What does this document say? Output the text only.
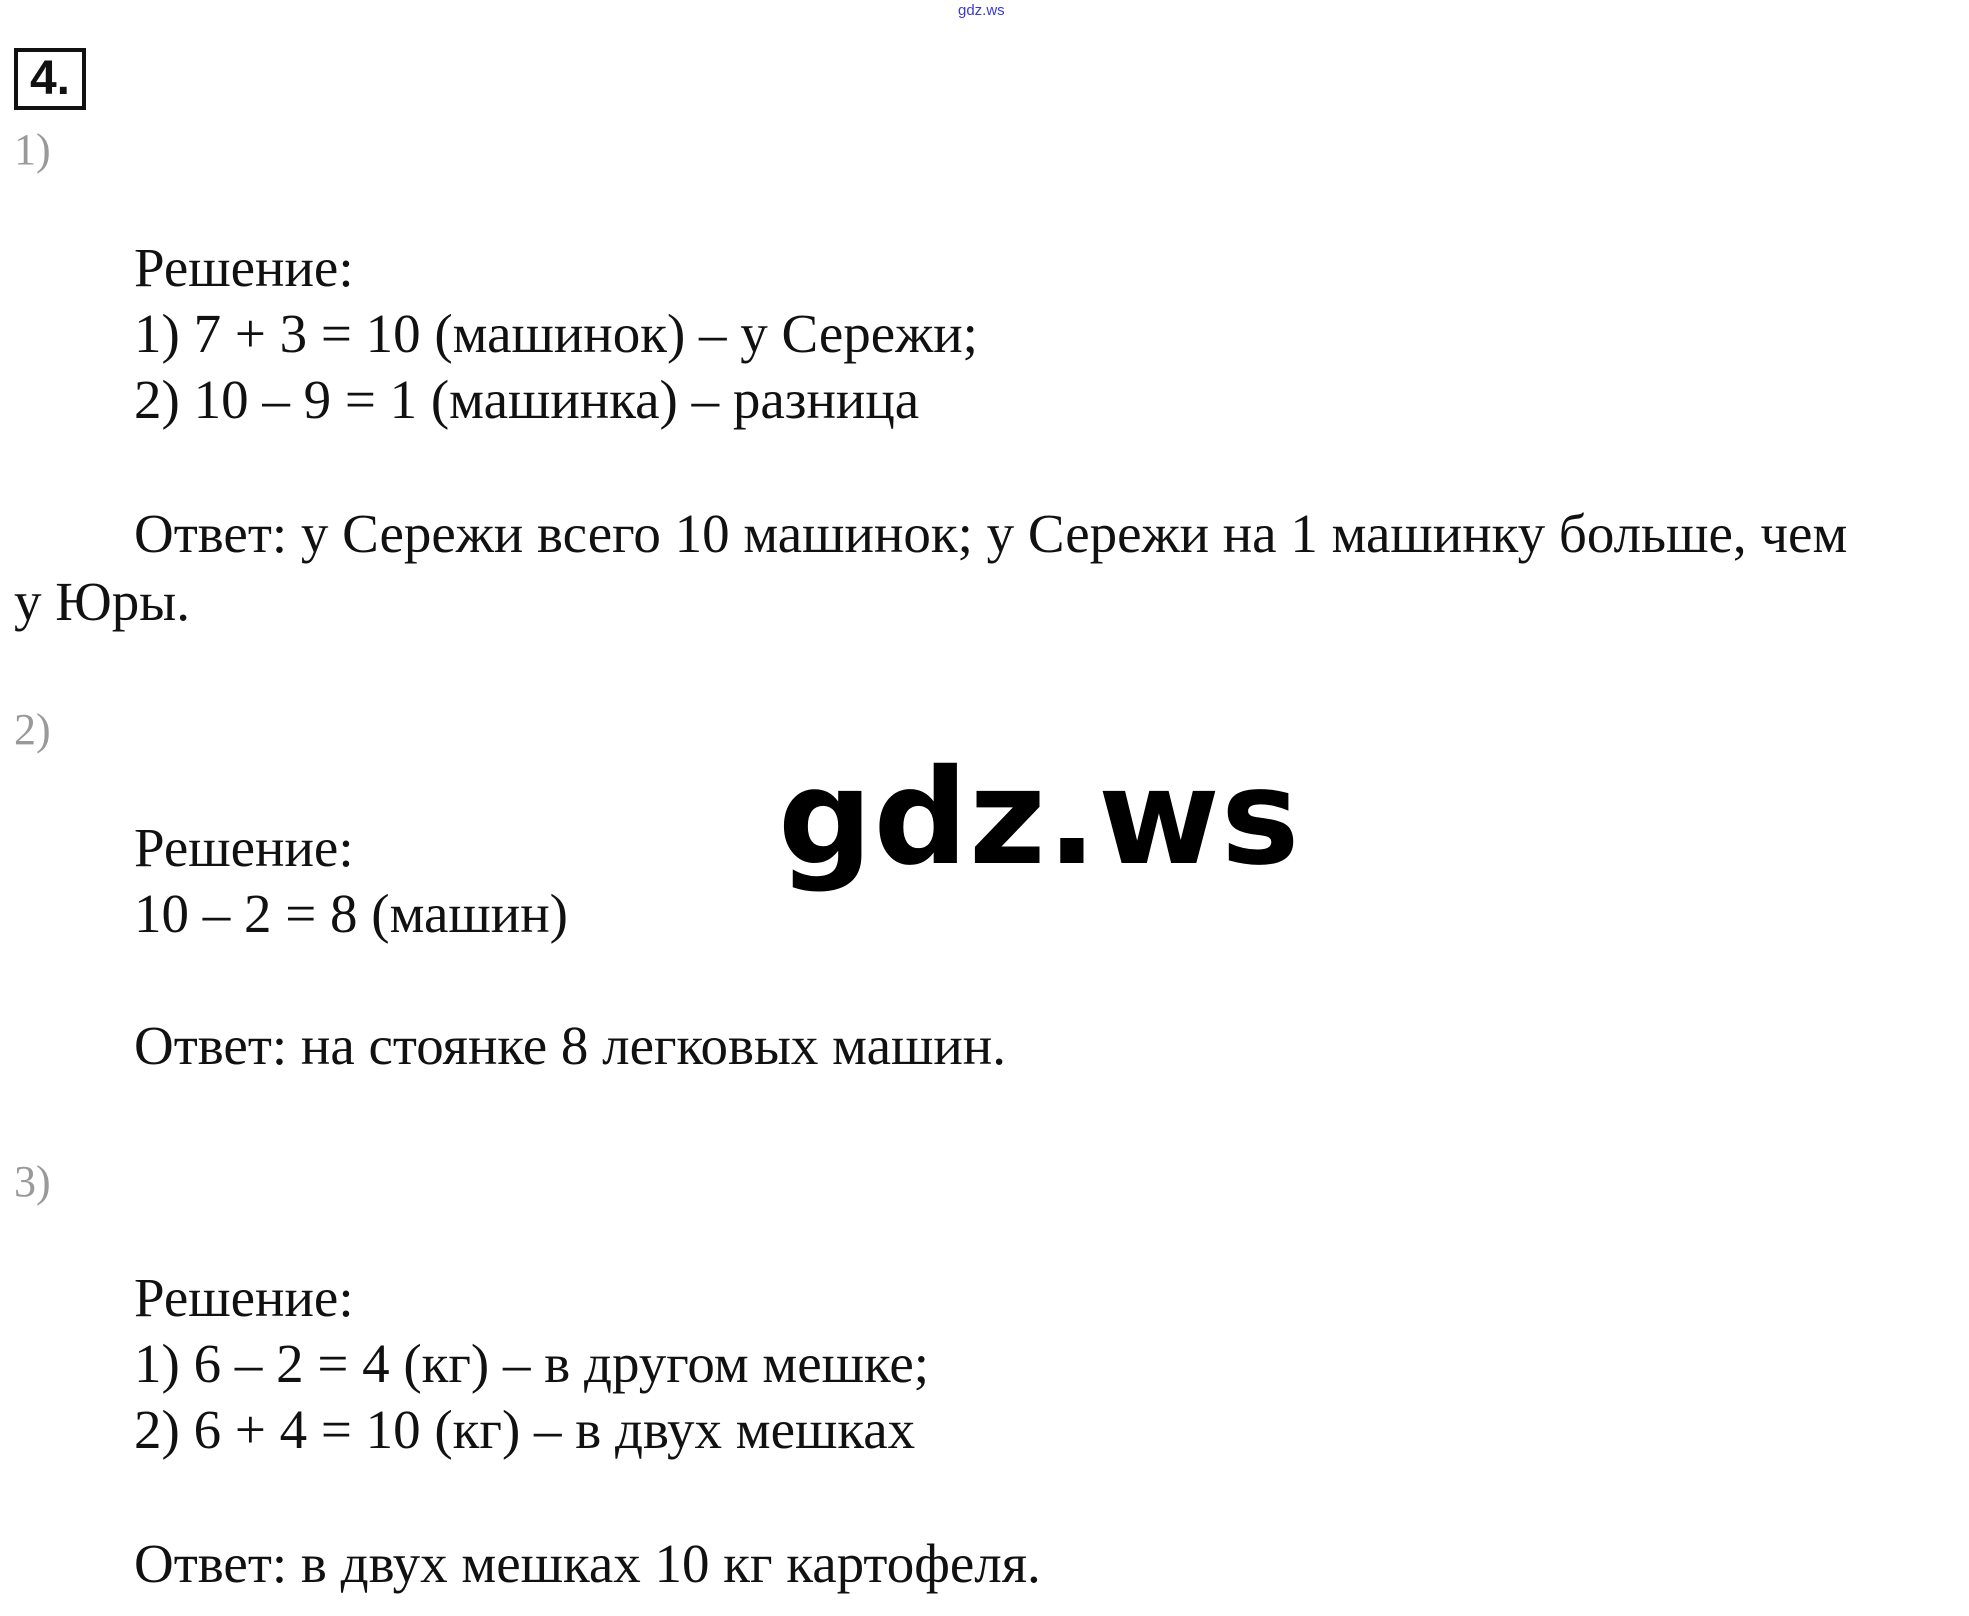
gdz.ws
4.
1)
Решение:
1) 7 + 3 = 10 (машинок) – у Сережи;
2) 10 – 9 = 1 (машинка) – разница
Ответ: у Сережи всего 10 машинок; у Сережи на 1 машинку больше, чем
у Юры.
2)
Решение:
10 – 2 = 8 (машин)
Ответ: на стоянке 8 легковых машин.
3)
Решение:
1) 6 – 2 = 4 (кг) – в другом мешке;
2) 6 + 4 = 10 (кг) – в двух мешках
Ответ: в двух мешках 10 кг картофеля.
gdz.ws
